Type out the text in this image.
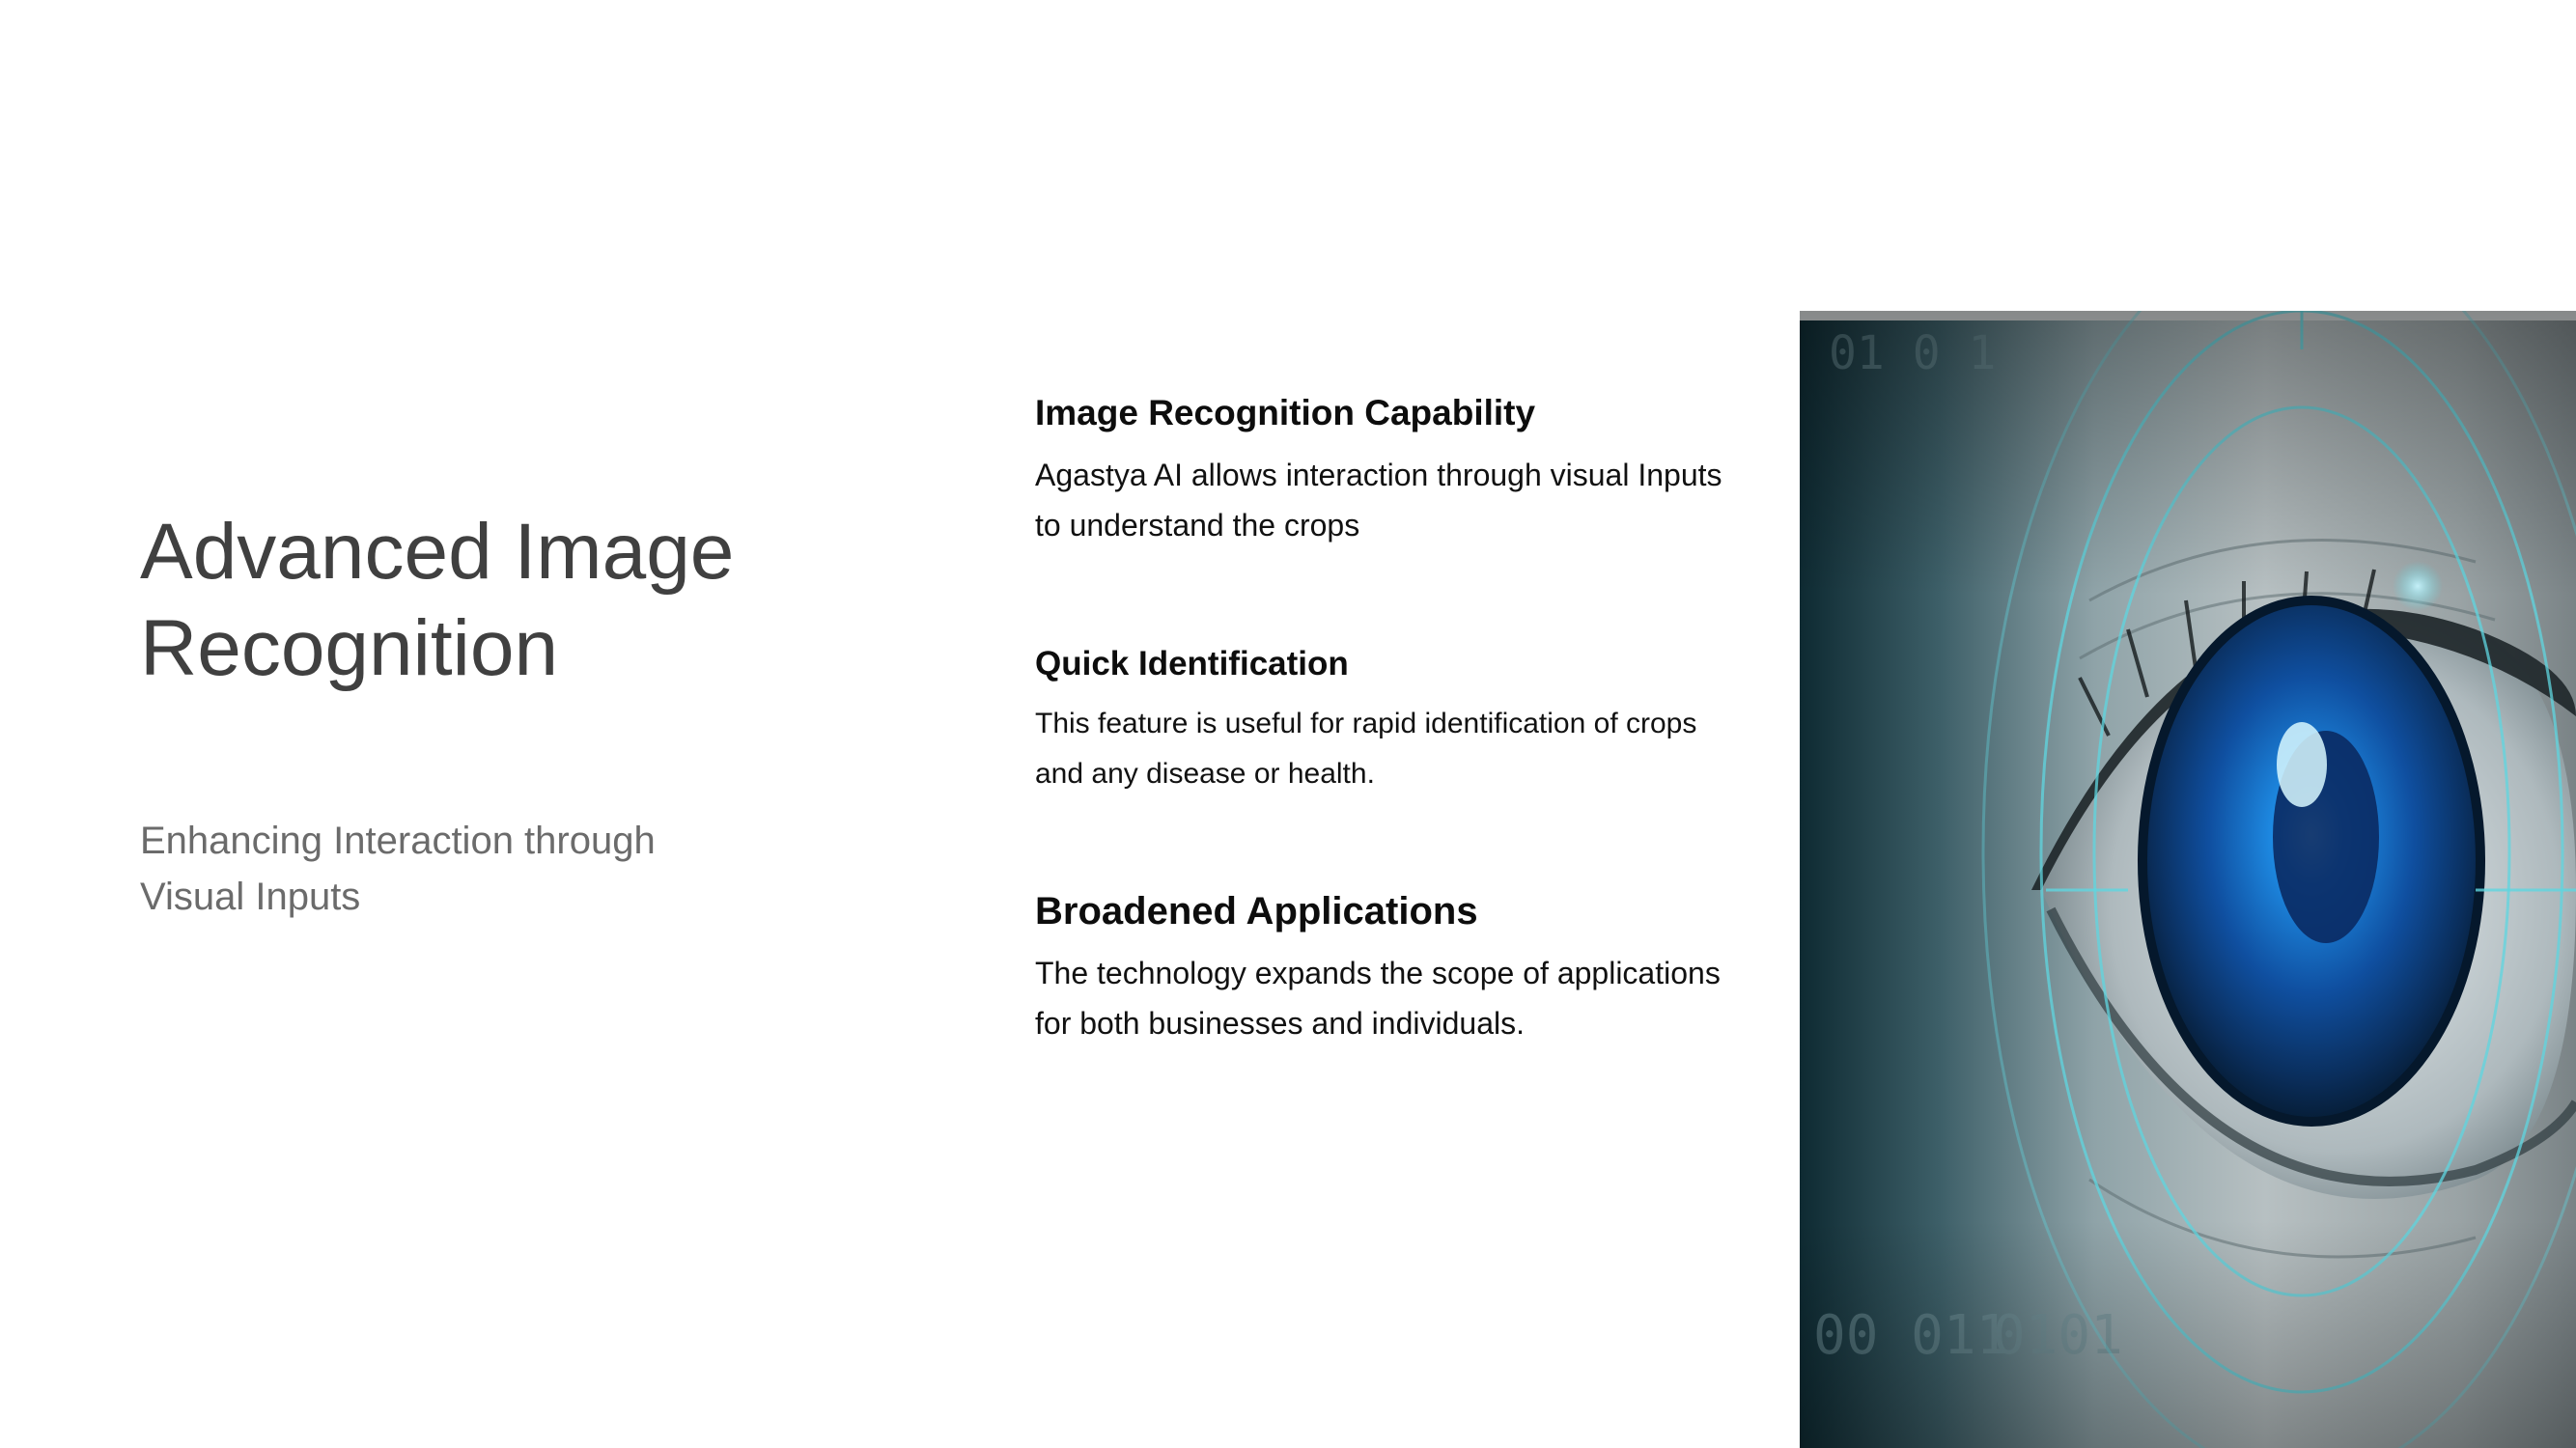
Advanced Image Recognition

Enhancing Interaction through Visual Inputs

Image Recognition Capability

Agastya AI allows interaction through visual Inputs to understand the crops

Quick Identification

This feature is useful for rapid identification of crops and any disease or health.

Broadened Applications

The technology expands the scope of applications for both businesses and individuals.
